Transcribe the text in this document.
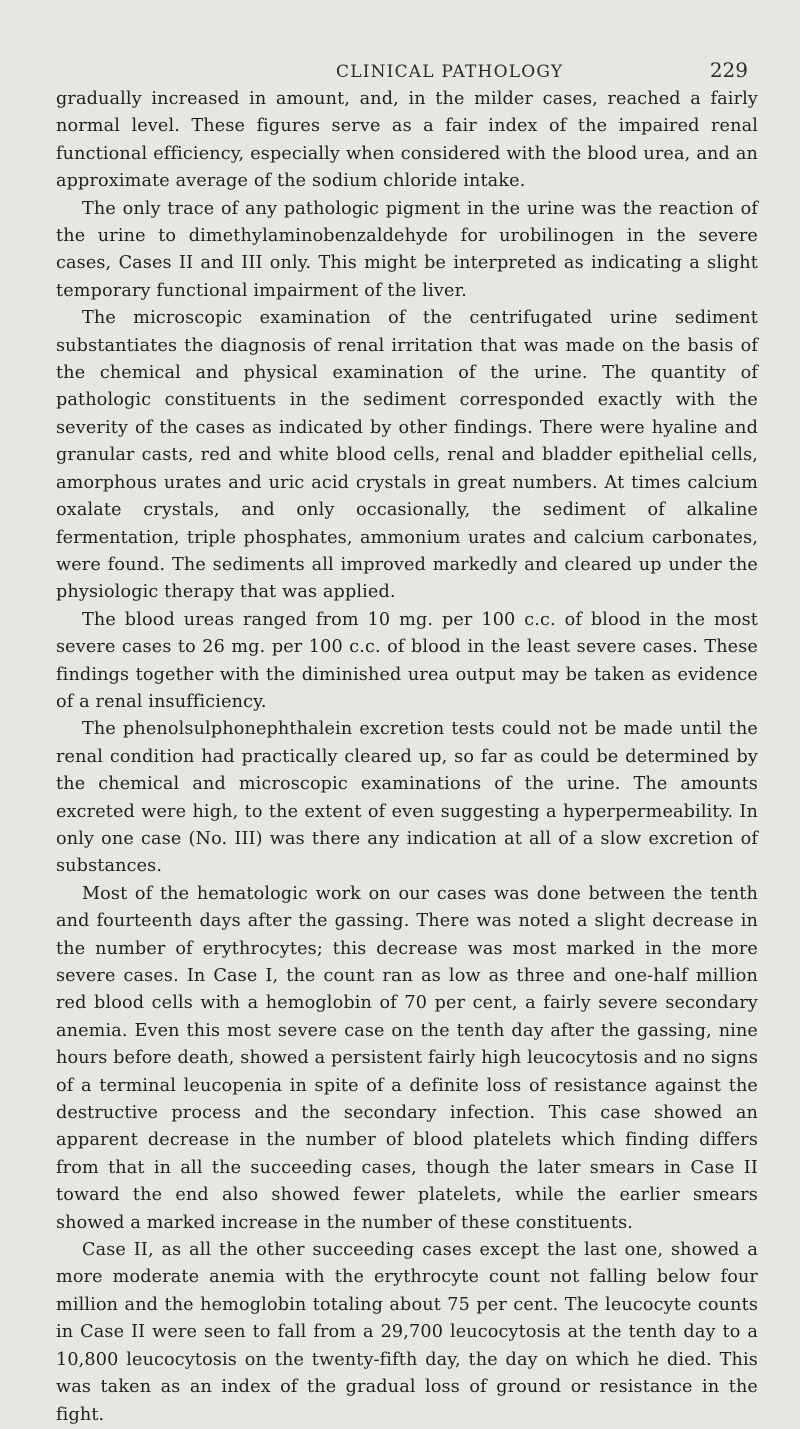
CLINICAL PATHOLOGY	229

gradually increased in amount, and, in the milder cases, reached a fairly normal level. These figures serve as a fair index of the impaired renal functional efficiency, especially when considered with the blood urea, and an approximate average of the sodium chloride intake.

The only trace of any pathologic pigment in the urine was the reaction of the urine to dimethylaminobenzaldehyde for urobilinogen in the severe cases, Cases II and III only. This might be interpreted as indicating a slight temporary functional impairment of the liver.

The microscopic examination of the centrifugated urine sediment substantiates the diagnosis of renal irritation that was made on the basis of the chemical and physical examination of the urine. The quantity of pathologic constituents in the sediment corresponded exactly with the severity of the cases as indicated by other findings. There were hyaline and granular casts, red and white blood cells, renal and bladder epithelial cells, amorphous urates and uric acid crystals in great numbers. At times calcium oxalate crystals, and only occasionally, the sediment of alkaline fermentation, triple phosphates, ammonium urates and calcium carbonates, were found. The sediments all improved markedly and cleared up under the physiologic therapy that was applied.

The blood ureas ranged from 10 mg. per 100 c.c. of blood in the most severe cases to 26 mg. per 100 c.c. of blood in the least severe cases. These findings together with the diminished urea output may be taken as evidence of a renal insufficiency.

The phenolsulphonephthalein excretion tests could not be made until the renal condition had practically cleared up, so far as could be determined by the chemical and microscopic examinations of the urine. The amounts excreted were high, to the extent of even suggesting a hyperpermeability. In only one case (No. III) was there any indication at all of a slow excretion of substances.

Most of the hematologic work on our cases was done between the tenth and fourteenth days after the gassing. There was noted a slight decrease in the number of erythrocytes; this decrease was most marked in the more severe cases. In Case I, the count ran as low as three and one-half million red blood cells with a hemoglobin of 70 per cent, a fairly severe secondary anemia. Even this most severe case on the tenth day after the gassing, nine hours before death, showed a persistent fairly high leucocytosis and no signs of a terminal leucopenia in spite of a definite loss of resistance against the destructive process and the secondary infection. This case showed an apparent decrease in the number of blood platelets which finding differs from that in all the succeeding cases, though the later smears in Case II toward the end also showed fewer platelets, while the earlier smears showed a marked increase in the number of these constituents.

Case II, as all the other succeeding cases except the last one, showed a more moderate anemia with the erythrocyte count not falling below four million and the hemoglobin totaling about 75 per cent. The leucocyte counts in Case II were seen to fall from a 29,700 leucocytosis at the tenth day to a 10,800 leucocytosis on the twenty-fifth day, the day on which he died. This was taken as an index of the gradual loss of ground or resistance in the fight.
